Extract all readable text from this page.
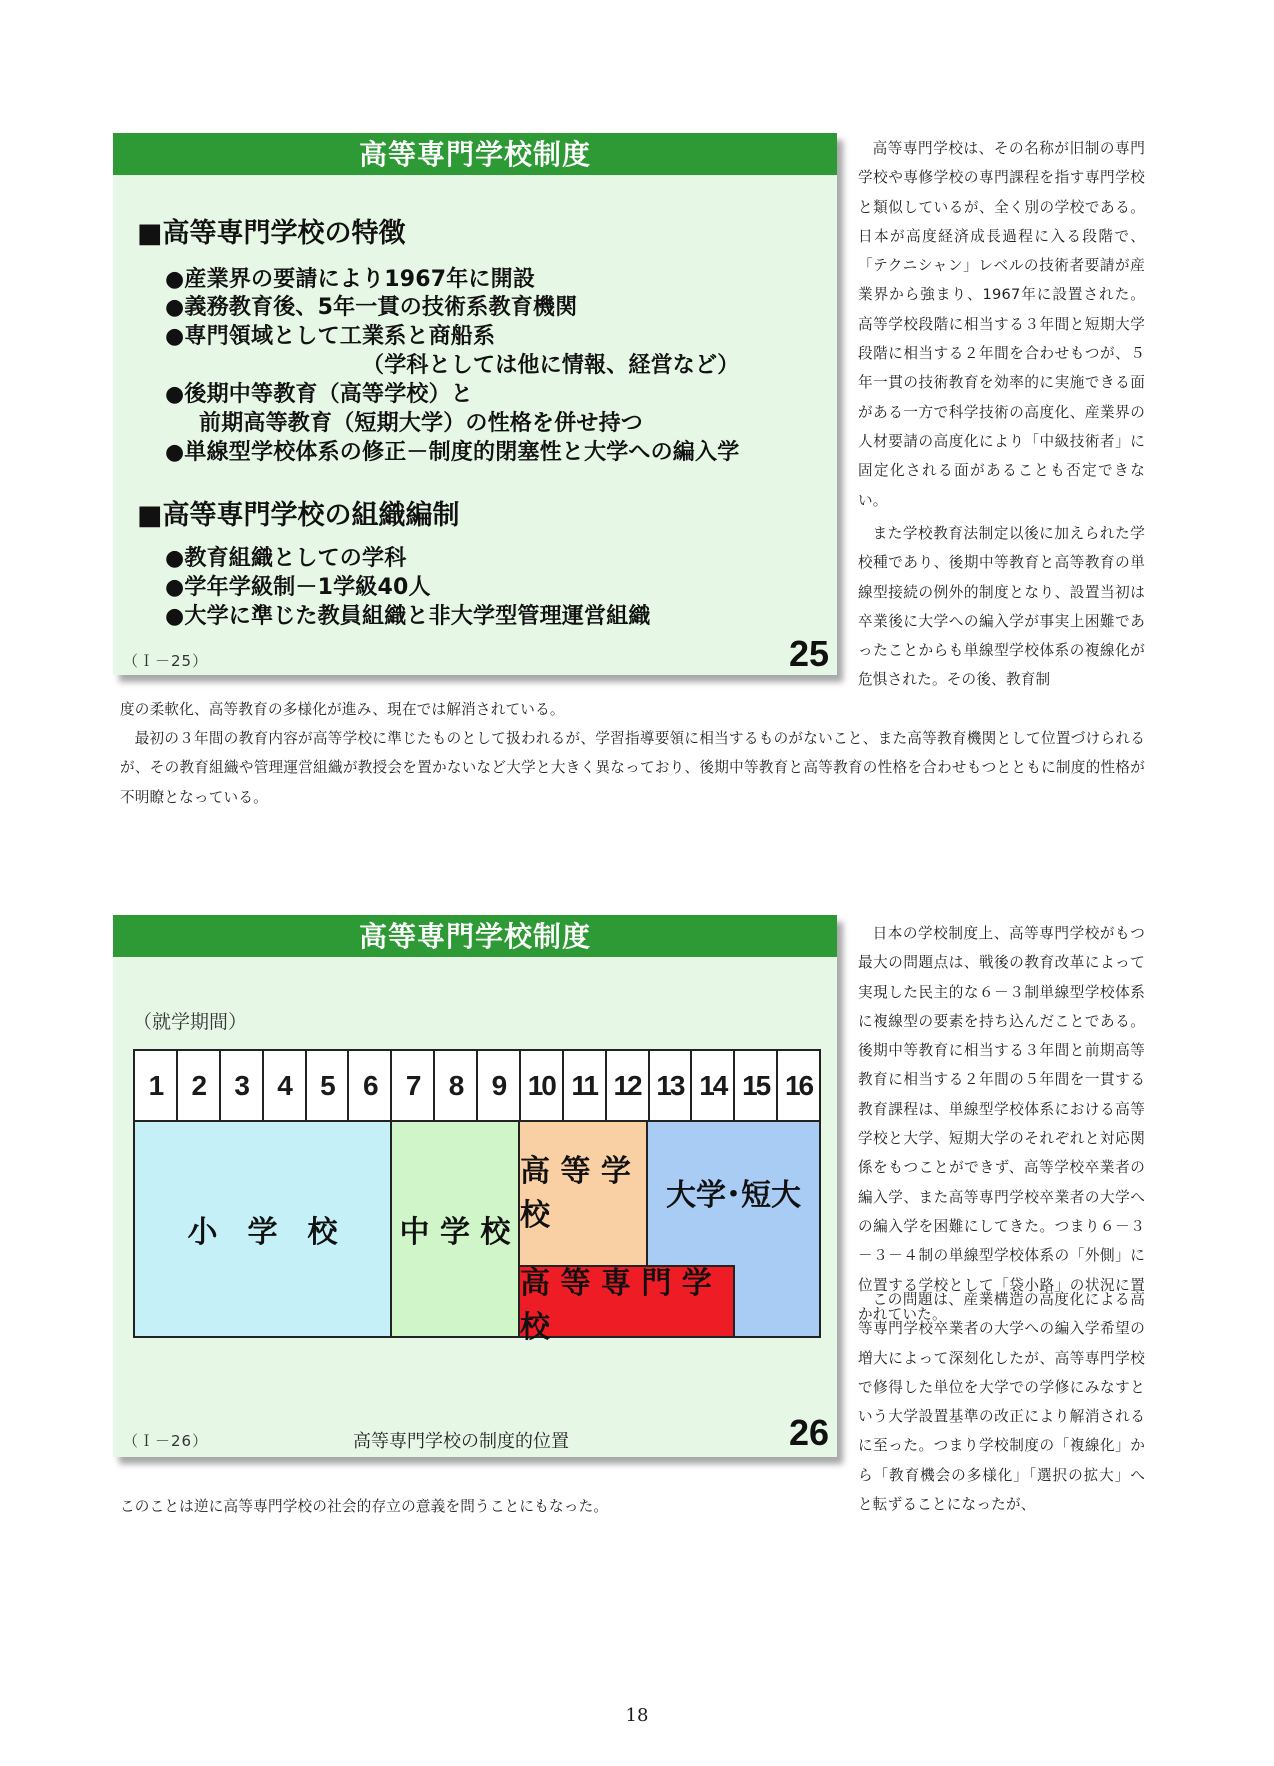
高等専門学校制度
■高等専門学校の特徴
●産業界の要請により1967年に開設
●義務教育後、5年一貫の技術系教育機関
●専門領域として工業系と商船系
（学科としては他に情報、経営など）
●後期中等教育（高等学校）と
前期高等教育（短期大学）の性格を併せ持つ
●単線型学校体系の修正－制度的閉塞性と大学への編入学
■高等専門学校の組織編制
●教育組織としての学科
●学年学級制－1学級40人
●大学に準じた教員組織と非大学型管理運営組織
（Ｉ－25）	25
高等専門学校は、その名称が旧制の専門学校や専修学校の専門課程を指す専門学校と類似しているが、全く別の学校である。日本が高度経済成長過程に入る段階で、「テクニシャン」レベルの技術者要請が産業界から強まり、1967年に設置された。高等学校段階に相当する３年間と短期大学段階に相当する２年間を合わせもつが、５年一貫の技術教育を効率的に実施できる面がある一方で科学技術の高度化、産業界の人材要請の高度化により「中級技術者」に固定化される面があることも否定できない。
また学校教育法制定以後に加えられた学校種であり、後期中等教育と高等教育の単線型接続の例外的制度となり、設置当初は卒業後に大学への編入学が事実上困難であったことからも単線型学校体系の複線化が危惧された。その後、教育制
度の柔軟化、高等教育の多様化が進み、現在では解消されている。
最初の３年間の教育内容が高等学校に準じたものとして扱われるが、学習指導要領に相当するものがないこと、また高等教育機関として位置づけられるが、その教育組織や管理運営組織が教授会を置かないなど大学と大きく異なっており、後期中等教育と高等教育の性格を合わせもつとともに制度的性格が不明瞭となっている。
高等専門学校制度
（就学期間）
1	2	3	4	5	6	7	8	9 10 11 12 13 14 15 16
小　学　校	中 学 校
高 等 学 校
大学･短大
高 等 専 門 学 校
（Ｉ－26）	高等専門学校の制度的位置	26
日本の学校制度上、高等専門学校がもつ最大の問題点は、戦後の教育改革によって実現した民主的な６－３制単線型学校体系に複線型の要素を持ち込んだことである。後期中等教育に相当する３年間と前期高等教育に相当する２年間の５年間を一貫する教育課程は、単線型学校体系における高等学校と大学、短期大学のそれぞれと対応関係をもつことができず、高等学校卒業者の編入学、また高等専門学校卒業者の大学への編入学を困難にしてきた。つまり６－３－３－４制の単線型学校体系の「外側」に位置する学校として「袋小路」の状況に置かれていた。
この問題は、産業構造の高度化による高等専門学校卒業者の大学への編入学希望の増大によって深刻化したが、高等専門学校で修得した単位を大学での学修にみなすという大学設置基準の改正により解消されるに至った。つまり学校制度の「複線化」から「教育機会の多様化」「選択の拡大」へと転ずることになったが、
このことは逆に高等専門学校の社会的存立の意義を問うことにもなった。
18
